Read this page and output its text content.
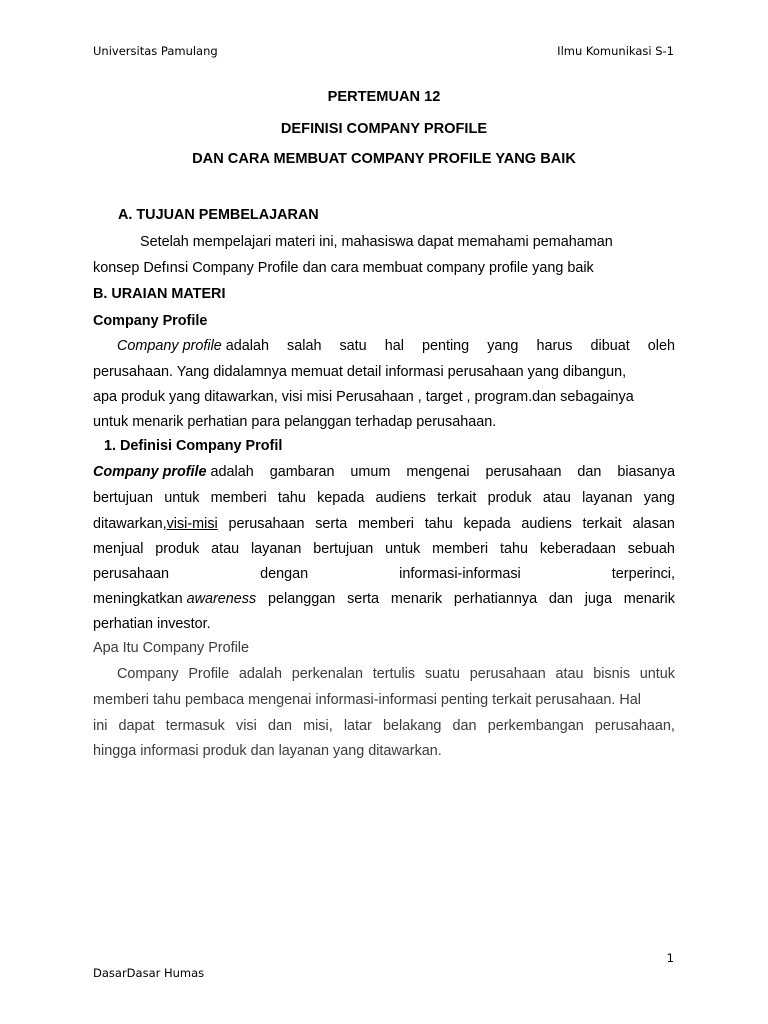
Universitas Pamulang	Ilmu Komunikasi S-1
PERTEMUAN 12
DEFINISI COMPANY PROFILE
DAN CARA MEMBUAT COMPANY PROFILE YANG BAIK
A. TUJUAN PEMBELAJARAN
Setelah mempelajari materi ini, mahasiswa dapat memahami pemahaman
konsep Defınsi Company Profile dan cara membuat company profile yang baik
B. URAIAN MATERI
Company Profile
Company profile adalah salah satu hal penting yang harus dibuat oleh
perusahaan. Yang didalamnya memuat detail informasi perusahaan yang dibangun,
apa produk yang ditawarkan, visi misi Perusahaan , target , program.dan sebagainya
untuk menarik perhatian para pelanggan terhadap perusahaan.
1. Definisi Company Profil
Company profile adalah gambaran umum mengenai perusahaan dan biasanya
bertujuan untuk memberi tahu kepada audiens terkait produk atau layanan yang
ditawarkan,visi-misi perusahaan serta memberi tahu kepada audiens terkait alasan
menjual produk atau layanan bertujuan untuk memberi tahu keberadaan sebuah
perusahaan	dengan	informasi-informasi	terperinci,
meningkatkan awareness pelanggan serta menarik perhatiannya dan juga menarik
perhatian investor.
Apa Itu Company Profile
Company Profile adalah perkenalan tertulis suatu perusahaan atau bisnis untuk
memberi tahu pembaca mengenai informasi-informasi penting terkait perusahaan. Hal
ini dapat termasuk visi dan misi, latar belakang dan perkembangan perusahaan,
hingga informasi produk dan layanan yang ditawarkan.
1
DasarDasar Humas
